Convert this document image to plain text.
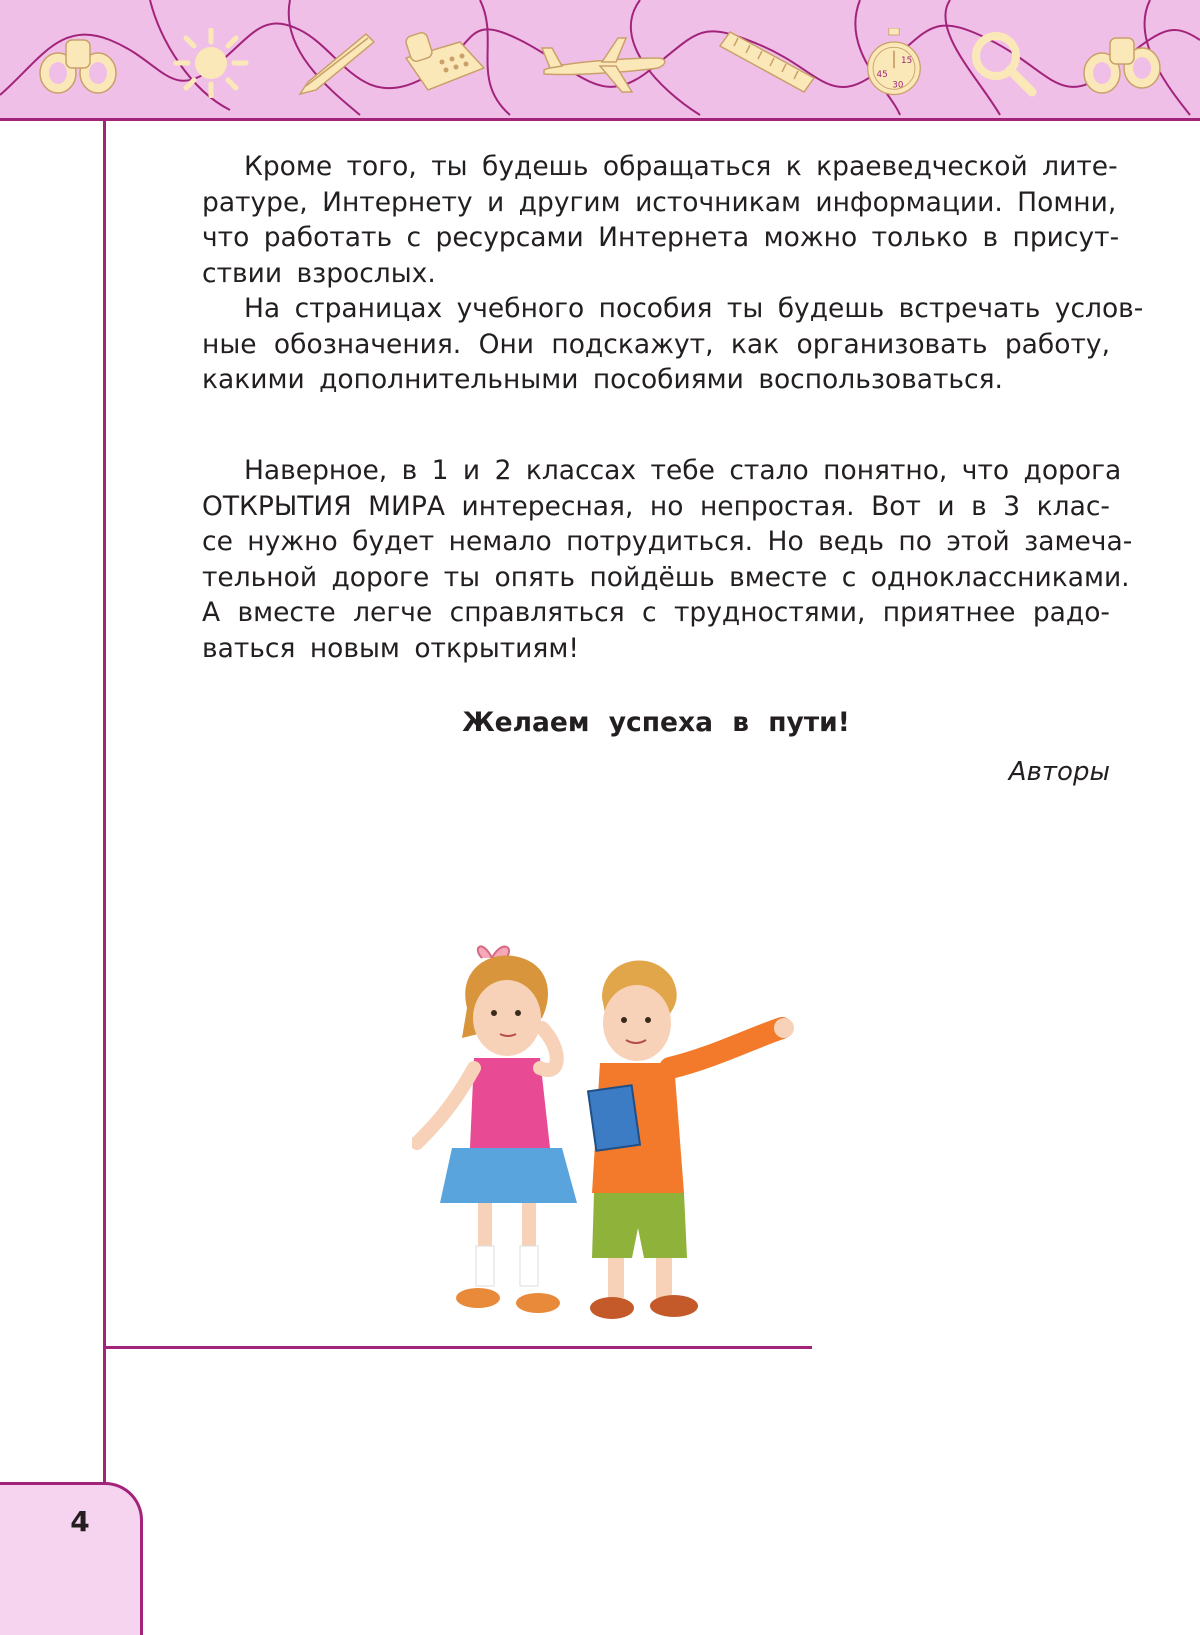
45
15
30
Кроме того, ты будешь обращаться к краеведческой лите-
ратуре, Интернету и другим источникам информации. Помни,
что работать с ресурсами Интернета можно только в присут-
ствии взрослых.
На страницах учебного пособия ты будешь встречать услов-
ные обозначения. Они подскажут, как организовать работу,
какими дополнительными пособиями воспользоваться.
Наверное, в 1 и 2 классах тебе стало понятно, что дорога
ОТКРЫТИЯ МИРА интересная, но непростая. Вот и в 3 клас-
се нужно будет немало потрудиться. Но ведь по этой замеча-
тельной дороге ты опять пойдёшь вместе с одноклассниками.
А вместе легче справляться с трудностями, приятнее радо-
ваться новым открытиям!
Желаем успеха в пути!
Авторы
4
